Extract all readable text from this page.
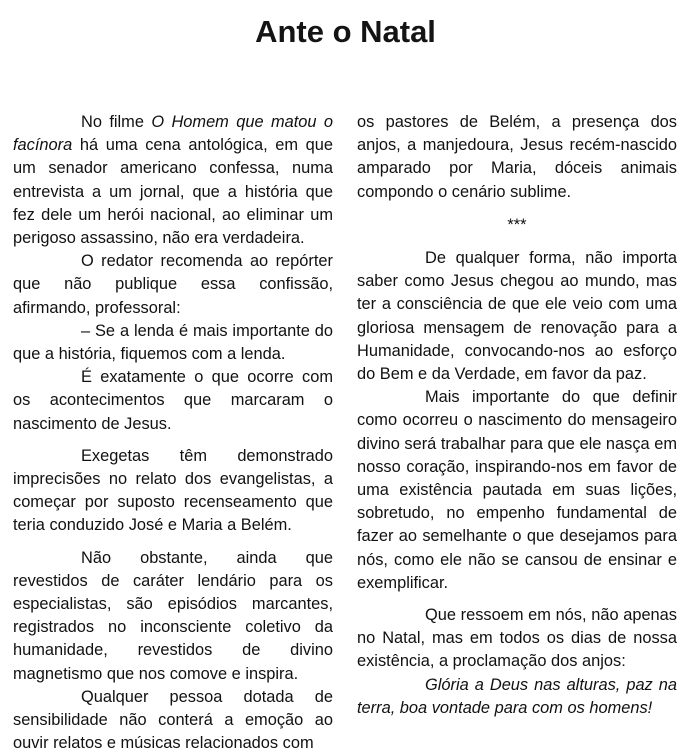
Ante o Natal

No filme O Homem que matou o facínora há uma cena antológica, em que um senador americano confessa, numa entrevista a um jornal, que a história que fez dele um herói nacional, ao eliminar um perigoso assassino, não era verdadeira.

O redator recomenda ao repórter que não publique essa confissão, afirmando, professoral:

– Se a lenda é mais importante do que a história, fiquemos com a lenda.

É exatamente o que ocorre com os acontecimentos que marcaram o nascimento de Jesus.

Exegetas têm demonstrado imprecisões no relato dos evangelistas, a começar por suposto recenseamento que teria conduzido José e Maria a Belém.

Não obstante, ainda que revestidos de caráter lendário para os especialistas, são episódios marcantes, registrados no inconsciente coletivo da humanidade, revestidos de divino magnetismo que nos comove e inspira.

Qualquer pessoa dotada de sensibilidade não conterá a emoção ao ouvir relatos e músicas relacionados com

os pastores de Belém, a presença dos anjos, a manjedoura, Jesus recém-nascido amparado por Maria, dóceis animais compondo o cenário sublime.

***

De qualquer forma, não importa saber como Jesus chegou ao mundo, mas ter a consciência de que ele veio com uma gloriosa mensagem de renovação para a Humanidade, convocando-nos ao esforço do Bem e da Verdade, em favor da paz.

Mais importante do que definir como ocorreu o nascimento do mensageiro divino será trabalhar para que ele nasça em nosso coração, inspirando-nos em favor de uma existência pautada em suas lições, sobretudo, no empenho fundamental de fazer ao semelhante o que desejamos para nós, como ele não se cansou de ensinar e exemplificar.

Que ressoem em nós, não apenas no Natal, mas em todos os dias de nossa existência, a proclamação dos anjos:

Glória a Deus nas alturas, paz na terra, boa vontade para com os homens!
